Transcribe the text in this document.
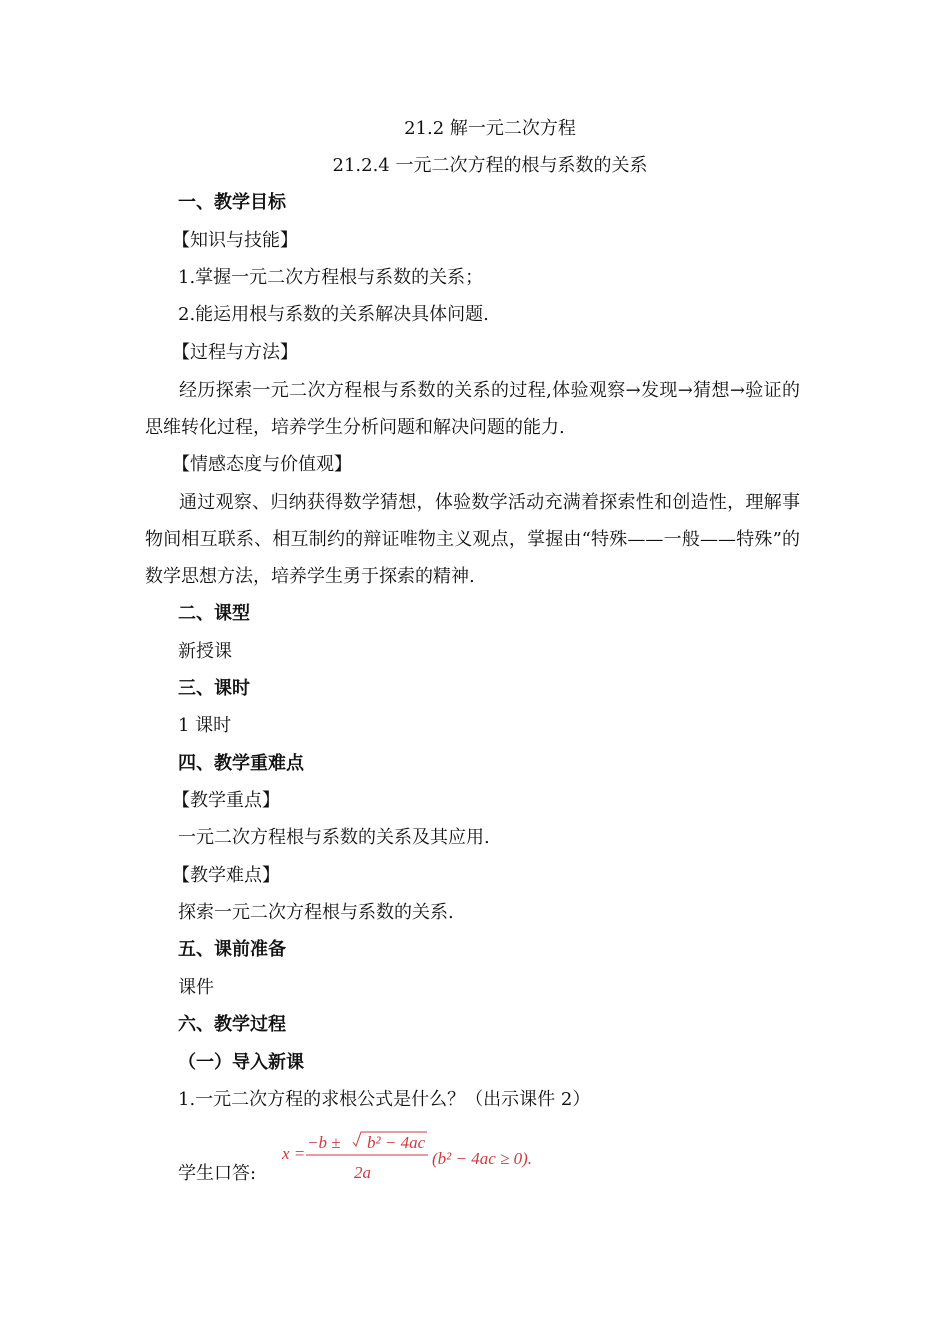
21.2 解一元二次方程
21.2.4 一元二次方程的根与系数的关系
一、教学目标
【知识与技能】
1.掌握一元二次方程根与系数的关系；
2.能运用根与系数的关系解决具体问题.
【过程与方法】
经历探索一元二次方程根与系数的关系的过程,体验观察→发现→猜想→验证的思维转化过程，培养学生分析问题和解决问题的能力.
【情感态度与价值观】
通过观察、归纳获得数学猜想，体验数学活动充满着探索性和创造性，理解事物间相互联系、相互制约的辩证唯物主义观点，掌握由“特殊——一般——特殊”的数学思想方法，培养学生勇于探索的精神.
二、课型
新授课
三、课时
1 课时
四、教学重难点
【教学重点】
一元二次方程根与系数的关系及其应用.
【教学难点】
探索一元二次方程根与系数的关系.
五、课前准备
课件
六、教学过程
（一）导入新课
1.一元二次方程的求根公式是什么？（出示课件 2）
学生口答:
x =
−b ± b² − 4ac
2a
(b² − 4ac ≥ 0).
